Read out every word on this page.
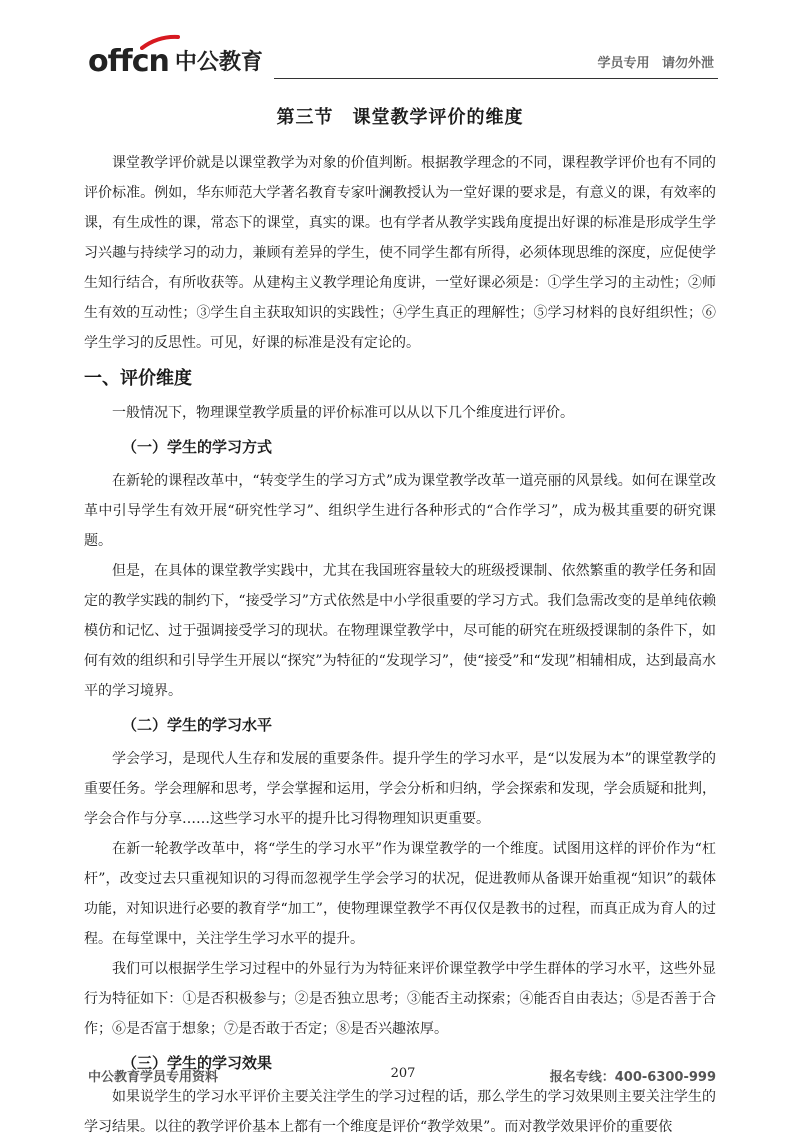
offcn 中公教育	学员专用 请勿外泄
第三节　课堂教学评价的维度

课堂教学评价就是以课堂教学为对象的价值判断。根据教学理念的不同，课程教学评价也有不同的评价标准。例如，华东师范大学著名教育专家叶澜教授认为一堂好课的要求是，有意义的课，有效率的课，有生成性的课，常态下的课堂，真实的课。也有学者从教学实践角度提出好课的标准是形成学生学习兴趣与持续学习的动力，兼顾有差异的学生，使不同学生都有所得，必须体现思维的深度，应促使学生知行结合，有所收获等。从建构主义教学理论角度讲，一堂好课必须是：①学生学习的主动性；②师生有效的互动性；③学生自主获取知识的实践性；④学生真正的理解性；⑤学习材料的良好组织性；⑥学生学习的反思性。可见，好课的标准是没有定论的。

一、评价维度

一般情况下，物理课堂教学质量的评价标准可以从以下几个维度进行评价。

（一）学生的学习方式

在新轮的课程改革中，“转变学生的学习方式”成为课堂教学改革一道亮丽的风景线。如何在课堂改革中引导学生有效开展“研究性学习”、组织学生进行各种形式的“合作学习”，成为极其重要的研究课题。

但是，在具体的课堂教学实践中，尤其在我国班容量较大的班级授课制、依然繁重的教学任务和固定的教学实践的制约下，“接受学习”方式依然是中小学很重要的学习方式。我们急需改变的是单纯依赖模仿和记忆、过于强调接受学习的现状。在物理课堂教学中，尽可能的研究在班级授课制的条件下，如何有效的组织和引导学生开展以“探究”为特征的“发现学习”，使“接受”和“发现”相辅相成，达到最高水平的学习境界。

（二）学生的学习水平

学会学习，是现代人生存和发展的重要条件。提升学生的学习水平，是“以发展为本”的课堂教学的重要任务。学会理解和思考，学会掌握和运用，学会分析和归纳，学会探索和发现，学会质疑和批判，学会合作与分享……这些学习水平的提升比习得物理知识更重要。

在新一轮教学改革中，将“学生的学习水平”作为课堂教学的一个维度。试图用这样的评价作为“杠杆”，改变过去只重视知识的习得而忽视学生学会学习的状况，促进教师从备课开始重视“知识”的载体功能，对知识进行必要的教育学“加工”，使物理课堂教学不再仅仅是教书的过程，而真正成为育人的过程。在每堂课中，关注学生学习水平的提升。

我们可以根据学生学习过程中的外显行为为特征来评价课堂教学中学生群体的学习水平，这些外显行为特征如下：①是否积极参与；②是否独立思考；③能否主动探索；④能否自由表达；⑤是否善于合作；⑥是否富于想象；⑦是否敢于否定；⑧是否兴趣浓厚。

（三）学生的学习效果

如果说学生的学习水平评价主要关注学生的学习过程的话，那么学生的学习效果则主要关注学生的学习结果。以往的教学评价基本上都有一个维度是评价“教学效果”。而对教学效果评价的重要依

中公教育学员专用资料	207	报名专线：400-6300-999
